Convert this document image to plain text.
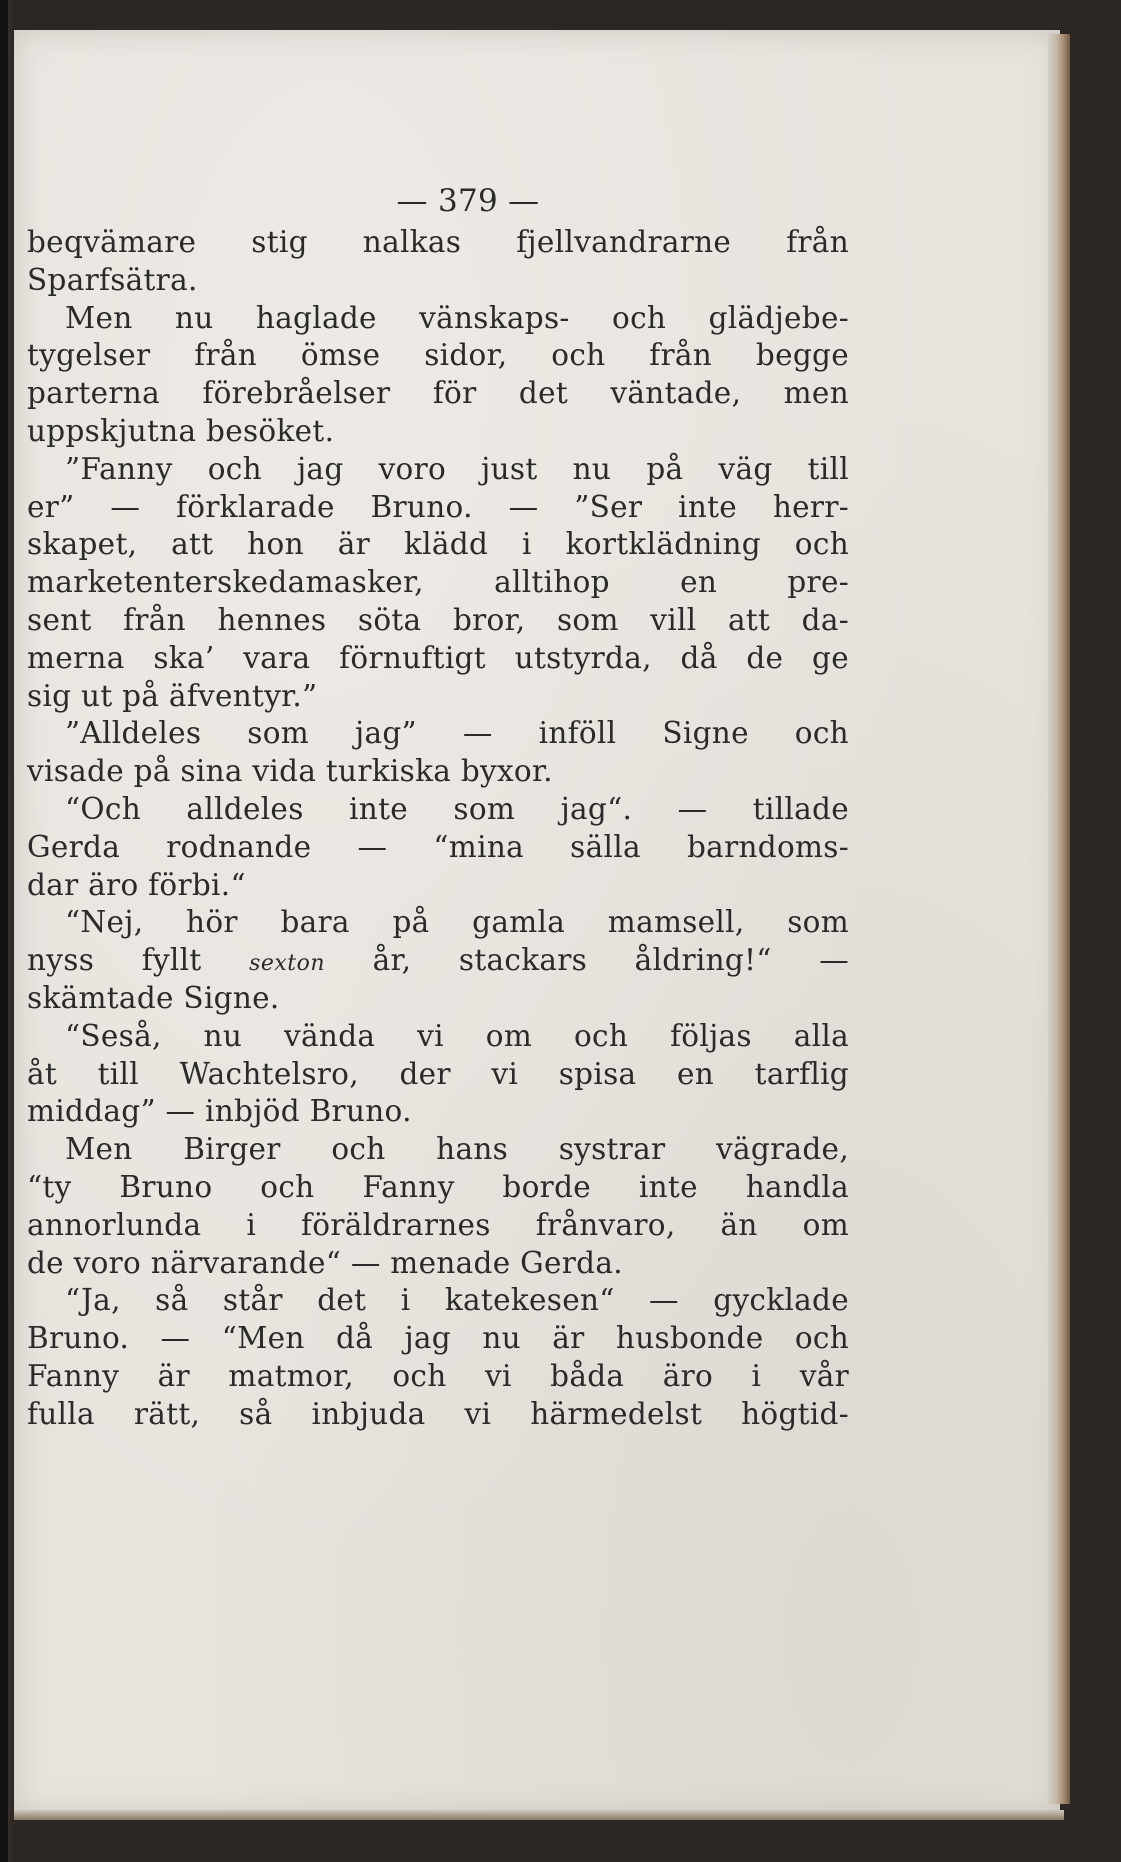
— 379 —
beqvämare stig nalkas fjellvandrarne från
Sparfsätra.
Men nu haglade vänskaps- och glädjebe-
tygelser från ömse sidor, och från begge
parterna förebråelser för det väntade, men
uppskjutna besöket.
”Fanny och jag voro just nu på väg till
er” — förklarade Bruno. — ”Ser inte herr-
skapet, att hon är klädd i kortklädning och
marketenterskedamasker, alltihop en pre-
sent från hennes söta bror, som vill att da-
merna ska’ vara förnuftigt utstyrda, då de ge
sig ut på äfventyr.”
”Alldeles som jag” — inföll Signe och
visade på sina vida turkiska byxor.
“Och alldeles inte som jag“. — tillade
Gerda rodnande — “mina sälla barndoms-
dar äro förbi.“
“Nej, hör bara på gamla mamsell, som
nyss fyllt sexton år, stackars åldring!“ —
skämtade Signe.
“Seså, nu vända vi om och följas alla
åt till Wachtelsro, der vi spisa en tarflig
middag” — inbjöd Bruno.
Men Birger och hans systrar vägrade,
“ty Bruno och Fanny borde inte handla
annorlunda i föräldrarnes frånvaro, än om
de voro närvarande“ — menade Gerda.
“Ja, så står det i katekesen“ — gycklade
Bruno. — “Men då jag nu är husbonde och
Fanny är matmor, och vi båda äro i vår
fulla rätt, så inbjuda vi härmedelst högtid-
